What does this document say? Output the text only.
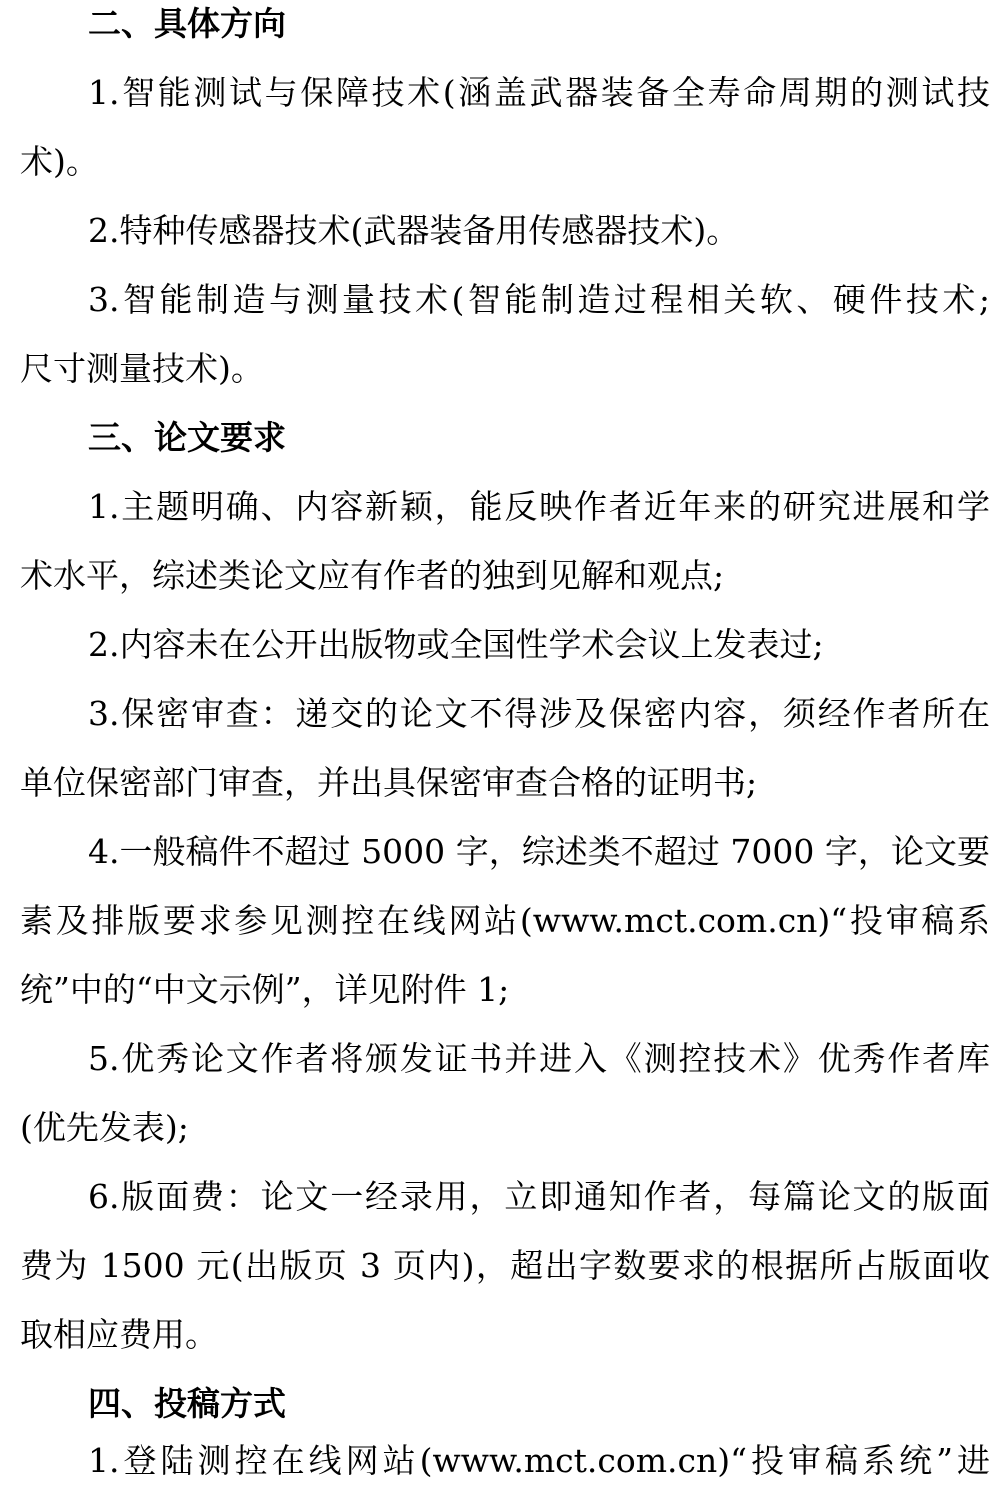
二、具体方向
1.智能测试与保障技术(涵盖武器装备全寿命周期的测试技
术)。
2.特种传感器技术(武器装备用传感器技术)。
3.智能制造与测量技术(智能制造过程相关软、硬件技术;
尺寸测量技术)。
三、论文要求
1.主题明确、内容新颖，能反映作者近年来的研究进展和学
术水平，综述类论文应有作者的独到见解和观点;
2.内容未在公开出版物或全国性学术会议上发表过;
3.保密审查：递交的论文不得涉及保密内容，须经作者所在
单位保密部门审查，并出具保密审查合格的证明书;
4.一般稿件不超过 5000 字，综述类不超过 7000 字，论文要
素及排版要求参见测控在线网站(www.mct.com.cn)“投审稿系
统”中的“中文示例”，详见附件 1;
5.优秀论文作者将颁发证书并进入《测控技术》优秀作者库
(优先发表);
6.版面费：论文一经录用，立即通知作者，每篇论文的版面
费为 1500 元(出版页 3 页内)，超出字数要求的根据所占版面收
取相应费用。
四、投稿方式
1.登陆测控在线网站(www.mct.com.cn)“投审稿系统”进
